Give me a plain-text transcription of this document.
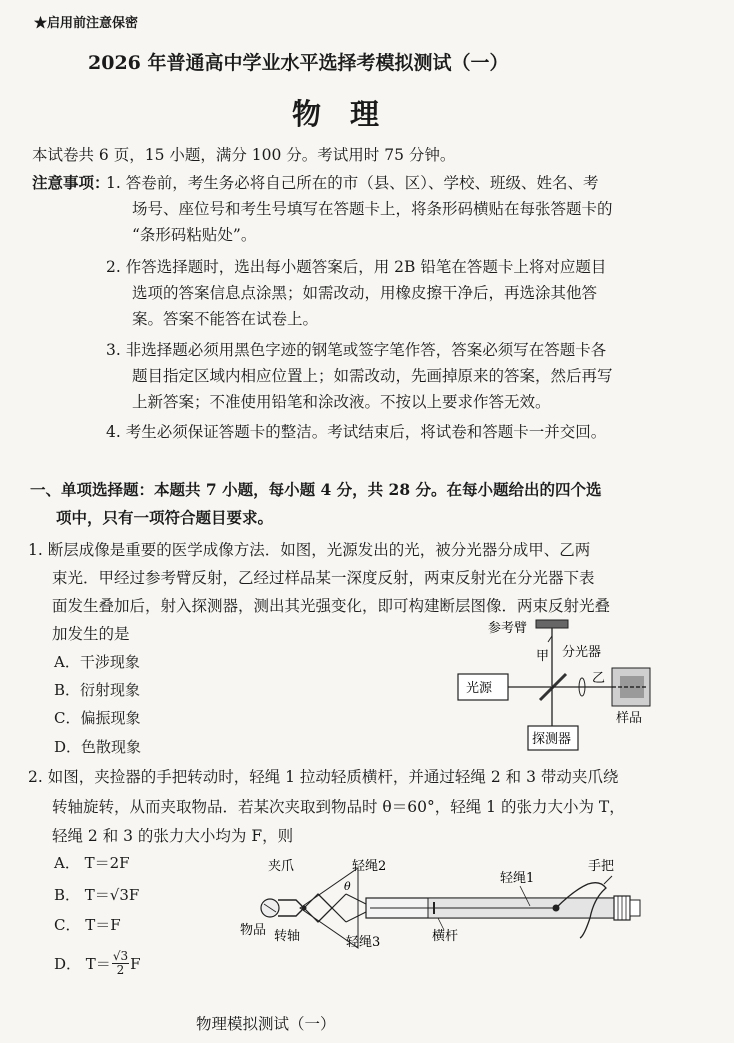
★启用前注意保密
2026 年普通高中学业水平选择考模拟测试（一）
物　理
本试卷共 6 页，15 小题，满分 100 分。考试用时 75 分钟。
注意事项：
1. 答卷前，考生务必将自己所在的市（县、区）、学校、班级、姓名、考
场号、座位号和考生号填写在答题卡上，将条形码横贴在每张答题卡的
“条形码粘贴处”。
2. 作答选择题时，选出每小题答案后，用 2B 铅笔在答题卡上将对应题目
选项的答案信息点涂黑；如需改动，用橡皮擦干净后，再选涂其他答
案。答案不能答在试卷上。
3. 非选择题必须用黑色字迹的钢笔或签字笔作答，答案必须写在答题卡各
题目指定区域内相应位置上；如需改动，先画掉原来的答案，然后再写
上新答案；不准使用铅笔和涂改液。不按以上要求作答无效。
4. 考生必须保证答题卡的整洁。考试结束后，将试卷和答题卡一并交回。
一、单项选择题：本题共 7 小题，每小题 4 分，共 28 分。在每小题给出的四个选
项中，只有一项符合题目要求。
1. 断层成像是重要的医学成像方法．如图，光源发出的光，被分光器分成甲、乙两
束光．甲经过参考臂反射，乙经过样品某一深度反射，两束反射光在分光器下表
面发生叠加后，射入探测器，测出其光强变化，即可构建断层图像．两束反射光叠
加发生的是
A．干涉现象
B．衍射现象
C．偏振现象
D．色散现象
参考臂
甲 分光器
光源
乙
样品
探测器
2. 如图，夹捡器的手把转动时，轻绳 1 拉动轻质横杆，并通过轻绳 2 和 3 带动夹爪绕
转轴旋转，从而夹取物品．若某次夹取到物品时 θ＝60°，轻绳 1 的张力大小为 T，
轻绳 2 和 3 的张力大小均为 F，则
A． T＝2F
B． T＝√3F
C． T＝F
D． T＝ √3
2 F
夹爪	轻绳2
轻绳1
手把
物品 转轴	轻绳3	横杆
θ
物理模拟测试（一）
